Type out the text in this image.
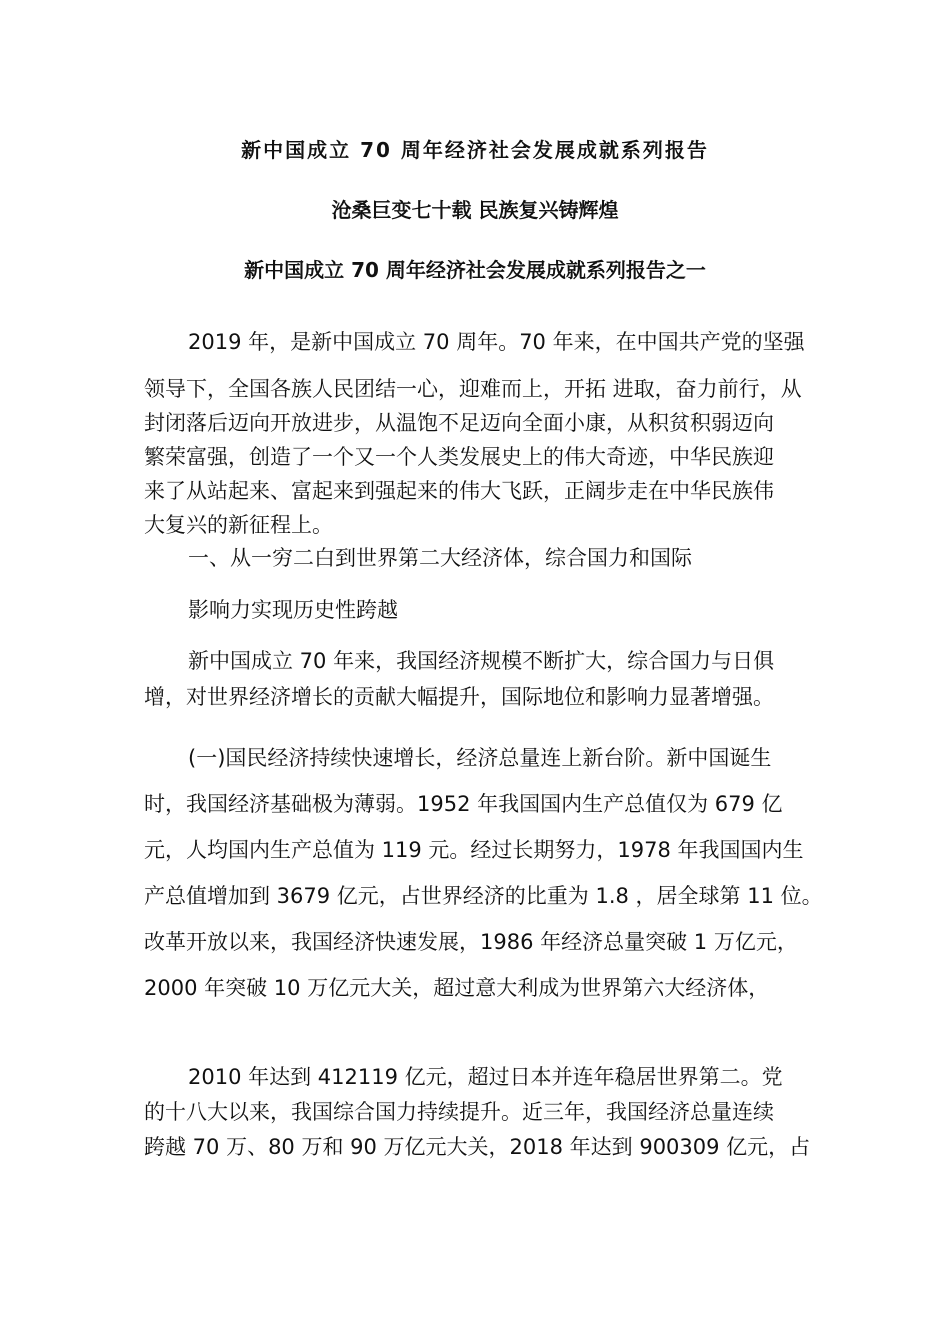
新中国成立 70 周年经济社会发展成就系列报告
沧桑巨变七十载 民族复兴铸辉煌
新中国成立 70 周年经济社会发展成就系列报告之一
2019 年，是新中国成立 70 周年。70 年来，在中国共产党的坚强
领导下，全国各族人民团结一心，迎难而上，开拓 进取，奋力前行，从
封闭落后迈向开放进步，从温饱不足迈向全面小康，从积贫积弱迈向
繁荣富强，创造了一个又一个人类发展史上的伟大奇迹，中华民族迎
来了从站起来、富起来到强起来的伟大飞跃，正阔步走在中华民族伟
大复兴的新征程上。
一、从一穷二白到世界第二大经济体，综合国力和国际
影响力实现历史性跨越
新中国成立 70 年来，我国经济规模不断扩大，综合国力与日俱
增，对世界经济增长的贡献大幅提升，国际地位和影响力显著增强。
(一)国民经济持续快速增长，经济总量连上新台阶。新中国诞生
时，我国经济基础极为薄弱。1952 年我国国内生产总值仅为 679 亿
元，人均国内生产总值为 119 元。经过长期努力，1978 年我国国内生
产总值增加到 3679 亿元，占世界经济的比重为 1.8 ，居全球第 11 位。
改革开放以来，我国经济快速发展，1986 年经济总量突破 1 万亿元，
2000 年突破 10 万亿元大关，超过意大利成为世界第六大经济体，
2010 年达到 412119 亿元，超过日本并连年稳居世界第二。党
的十八大以来，我国综合国力持续提升。近三年，我国经济总量连续
跨越 70 万、80 万和 90 万亿元大关，2018 年达到 900309 亿元，占
